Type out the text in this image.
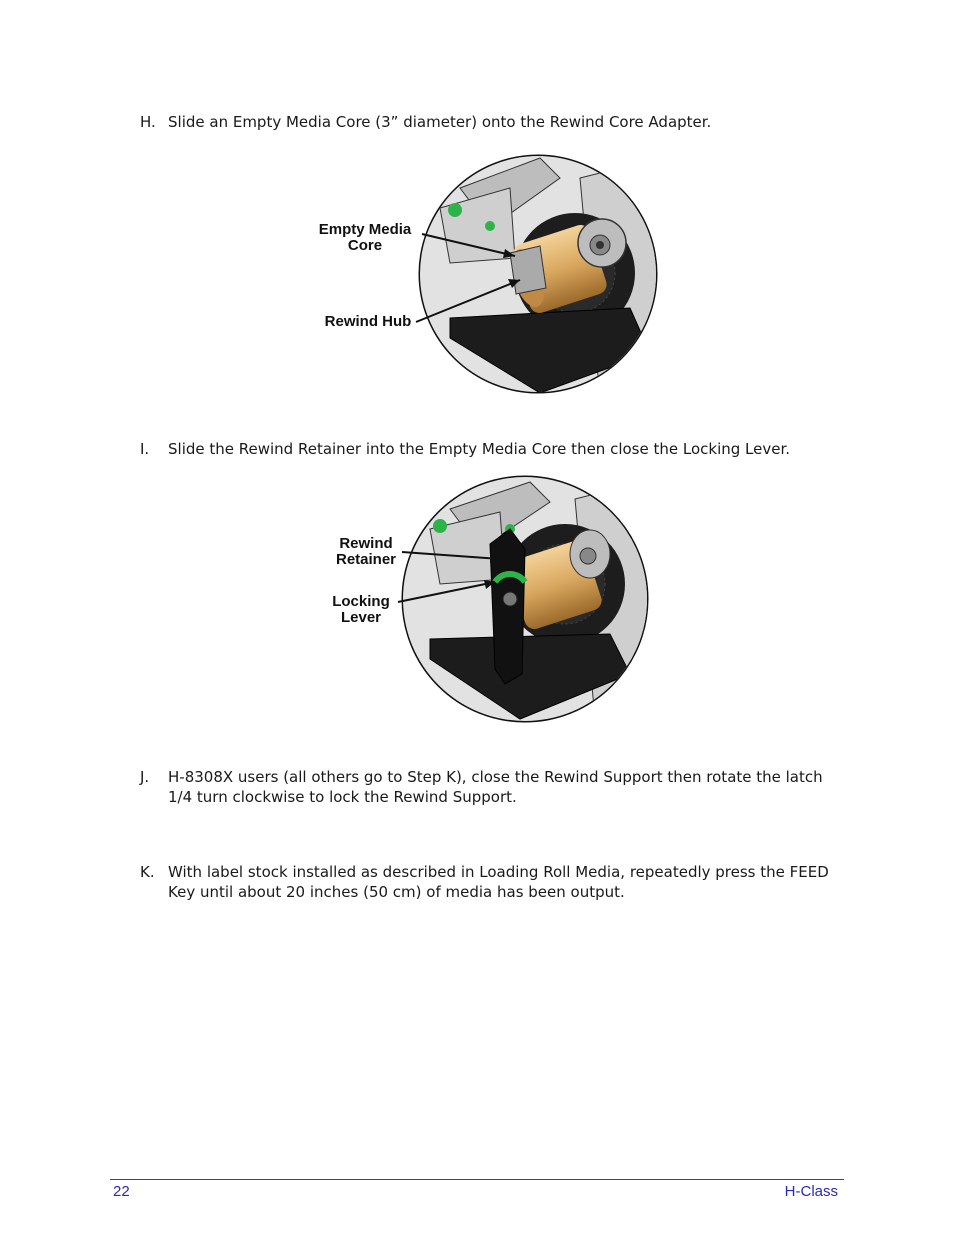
H. Slide an Empty Media Core (3” diameter) onto the Rewind Core Adapter.
Empty Media
Core
Rewind Hub
I. Slide the Rewind Retainer into the Empty Media Core then close the Locking Lever.
Rewind
Retainer
Locking
Lever
J. H-8308X users (all others go to Step K), close the Rewind Support then rotate the latch 1/4 turn clockwise to lock the Rewind Support.
K. With label stock installed as described in Loading Roll Media, repeatedly press the FEED Key until about 20 inches (50 cm) of media has been output.
22	H-Class
